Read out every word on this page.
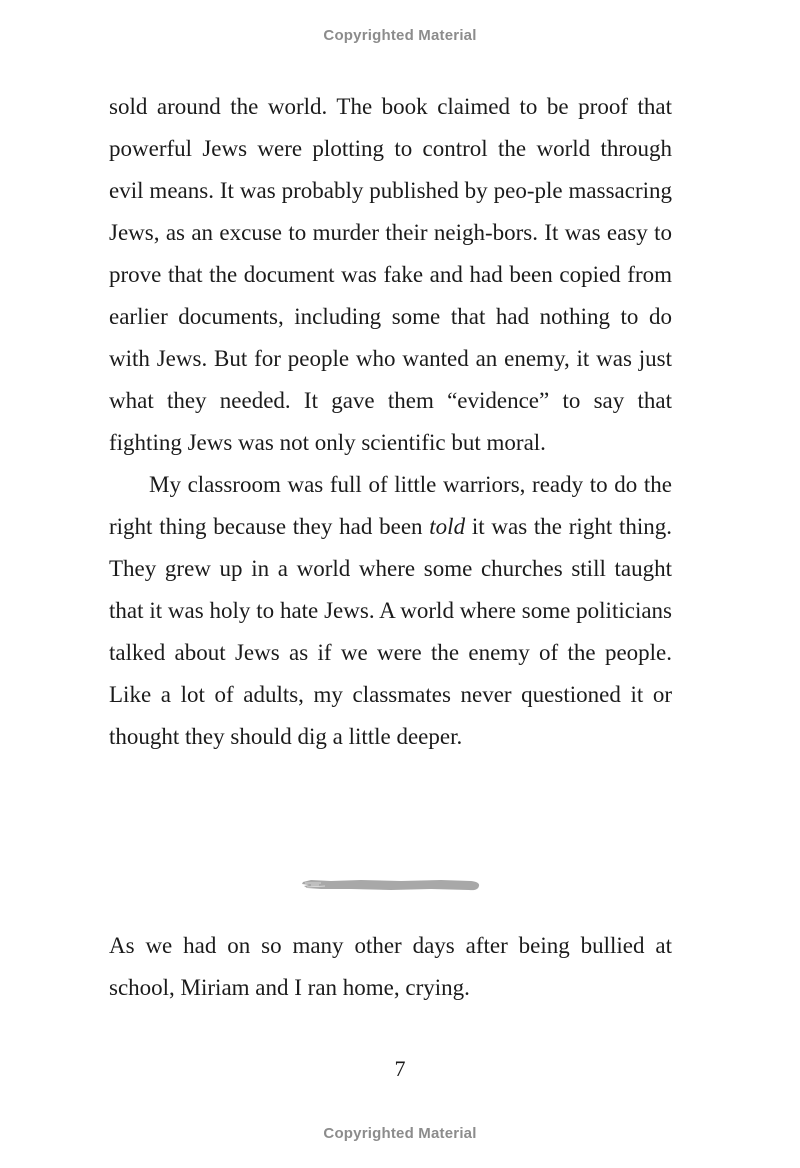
Copyrighted Material

sold around the world. The book claimed to be proof that powerful Jews were plotting to control the world through evil means. It was probably published by peo-ple massacring Jews, as an excuse to murder their neigh-bors. It was easy to prove that the document was fake and had been copied from earlier documents, including some that had nothing to do with Jews. But for people who wanted an enemy, it was just what they needed. It gave them “evidence” to say that fighting Jews was not only scientific but moral.

My classroom was full of little warriors, ready to do the right thing because they had been told it was the right thing. They grew up in a world where some churches still taught that it was holy to hate Jews. A world where some politicians talked about Jews as if we were the enemy of the people. Like a lot of adults, my classmates never questioned it or thought they should dig a little deeper.

As we had on so many other days after being bullied at school, Miriam and I ran home, crying.

7
Copyrighted Material
